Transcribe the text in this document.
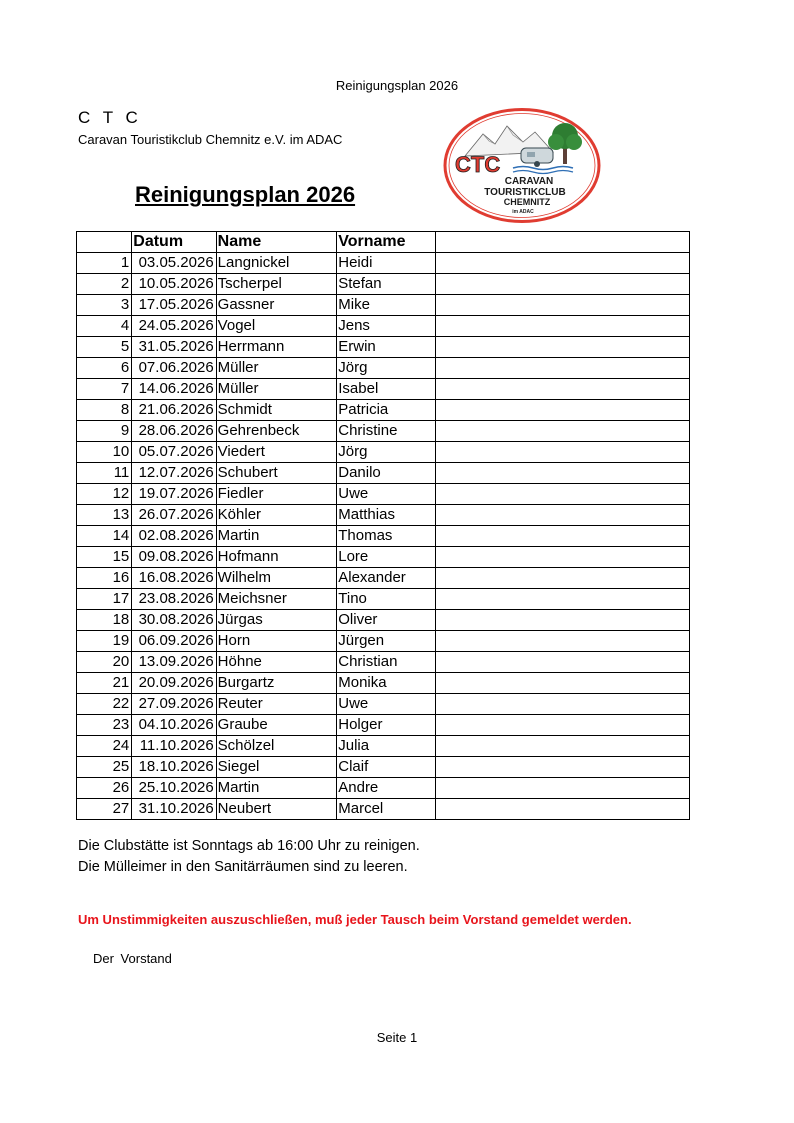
Reinigungsplan 2026
C T C
Caravan Touristikclub Chemnitz e.V. im ADAC
CTC
CARAVAN
TOURISTIKCLUB
CHEMNITZ
im ADAC
Reinigungsplan 2026
	Datum	Name	Vorname	
1	03.05.2026	Langnickel	Heidi	
2	10.05.2026	Tscherpel	Stefan	
3	17.05.2026	Gassner	Mike	
4	24.05.2026	Vogel	Jens	
5	31.05.2026	Herrmann	Erwin	
6	07.06.2026	Müller	Jörg	
7	14.06.2026	Müller	Isabel	
8	21.06.2026	Schmidt	Patricia	
9	28.06.2026	Gehrenbeck	Christine	
10	05.07.2026	Viedert	Jörg	
11	12.07.2026	Schubert	Danilo	
12	19.07.2026	Fiedler	Uwe	
13	26.07.2026	Köhler	Matthias	
14	02.08.2026	Martin	Thomas	
15	09.08.2026	Hofmann	Lore	
16	16.08.2026	Wilhelm	Alexander	
17	23.08.2026	Meichsner	Tino	
18	30.08.2026	Jürgas	Oliver	
19	06.09.2026	Horn	Jürgen	
20	13.09.2026	Höhne	Christian	
21	20.09.2026	Burgartz	Monika	
22	27.09.2026	Reuter	Uwe	
23	04.10.2026	Graube	Holger	
24	11.10.2026	Schölzel	Julia	
25	18.10.2026	Siegel	Claif	
26	25.10.2026	Martin	Andre	
27	31.10.2026	Neubert	Marcel	
Die Clubstätte ist Sonntags ab 16:00 Uhr zu reinigen.
Die Mülleimer in den Sanitärräumen sind zu leeren.
Um Unstimmigkeiten auszuschließen, muß jeder Tausch beim Vorstand gemeldet werden.
Der Vorstand
Seite 1
